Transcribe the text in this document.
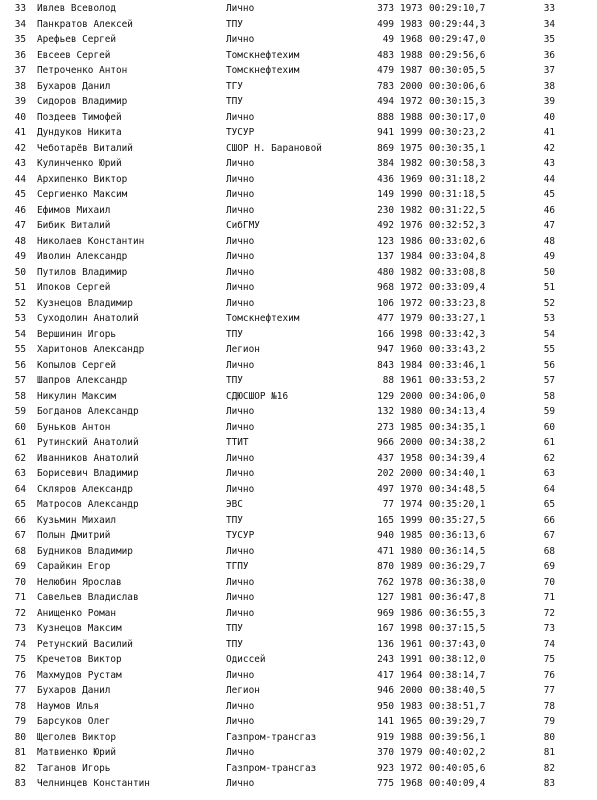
33 Ивлев Всеволод	Лично	373 1973 00:29:10,7	33
34 Панкратов Алексей	ТПУ	499 1983 00:29:44,3	34
35 Арефьев Сергей	Лично	49 1968 00:29:47,0	35
36 Евсеев Сергей	Томскнефтехим	483 1988 00:29:56,6	36
37 Петроченко Антон	Томскнефтехим	479 1987 00:30:05,5	37
38 Бухаров Данил	ТГУ	783 2000 00:30:06,6	38
39 Сидоров Владимир	ТПУ	494 1972 00:30:15,3	39
40 Поздеев Тимофей	Лично	888 1988 00:30:17,0	40
41 Дундуков Никита	ТУСУР	941 1999 00:30:23,2	41
42 Чеботарёв Виталий	СШОР Н. Барановой	869 1975 00:30:35,1	42
43 Кулинченко Юрий	Лично	384 1982 00:30:58,3	43
44 Архипенко Виктор	Лично	436 1969 00:31:18,2	44
45 Сергиенко Максим	Лично	149 1990 00:31:18,5	45
46 Ефимов Михаил	Лично	230 1982 00:31:22,5	46
47 Бибик Виталий	СибГМУ	492 1976 00:32:52,3	47
48 Николаев Константин	Лично	123 1986 00:33:02,6	48
49 Иволин Александр	Лично	137 1984 00:33:04,8	49
50 Путилов Владимир	Лично	480 1982 00:33:08,8	50
51 Ипоков Сергей	Лично	968 1972 00:33:09,4	51
52 Кузнецов Владимир	Лично	106 1972 00:33:23,8	52
53 Суходолин Анатолий	Томскнефтехим	477 1979 00:33:27,1	53
54 Вершинин Игорь	ТПУ	166 1998 00:33:42,3	54
55 Харитонов Александр	Легион	947 1960 00:33:43,2	55
56 Копылов Сергей	Лично	843 1984 00:33:46,1	56
57 Шапров Александр	ТПУ	88 1961 00:33:53,2	57
58 Никулин Максим	СДЮСШОР №16	129 2000 00:34:06,0	58
59 Богданов Александр	Лично	132 1980 00:34:13,4	59
60 Буньков Антон	Лично	273 1985 00:34:35,1	60
61 Рутинский Анатолий	ТТИТ	966 2000 00:34:38,2	61
62 Иванников Анатолий	Лично	437 1958 00:34:39,4	62
63 Борисевич Владимир	Лично	202 2000 00:34:40,1	63
64 Скляров Александр	Лично	497 1970 00:34:48,5	64
65 Матросов Александр	ЭВС	77 1974 00:35:20,1	65
66 Кузьмин Михаил	ТПУ	165 1999 00:35:27,5	66
67 Полын Дмитрий	ТУСУР	940 1985 00:36:13,6	67
68 Будников Владимир	Лично	471 1980 00:36:14,5	68
69 Сарайкин Егор	ТГПУ	870 1989 00:36:29,7	69
70 Нелюбин Ярослав	Лично	762 1978 00:36:38,0	70
71 Савельев Владислав	Лично	127 1981 00:36:47,8	71
72 Анищенко Роман	Лично	969 1986 00:36:55,3	72
73 Кузнецов Максим	ТПУ	167 1998 00:37:15,5	73
74 Ретунский Василий	ТПУ	136 1961 00:37:43,0	74
75 Кречетов Виктор	Одиссей	243 1991 00:38:12,0	75
76 Махмудов Рустам	Лично	417 1964 00:38:14,7	76
77 Бухаров Данил	Легион	946 2000 00:38:40,5	77
78 Наумов Илья	Лично	950 1983 00:38:51,7	78
79 Барсуков Олег	Лично	141 1965 00:39:29,7	79
80 Щеголев Виктор	Газпром-трансгаз	919 1988 00:39:56,1	80
81 Матвиенко Юрий	Лично	370 1979 00:40:02,2	81
82 Таганов Игорь	Газпром-трансгаз	923 1972 00:40:05,6	82
83 Челнинцев Константин	Лично	775 1968 00:40:09,4	83
